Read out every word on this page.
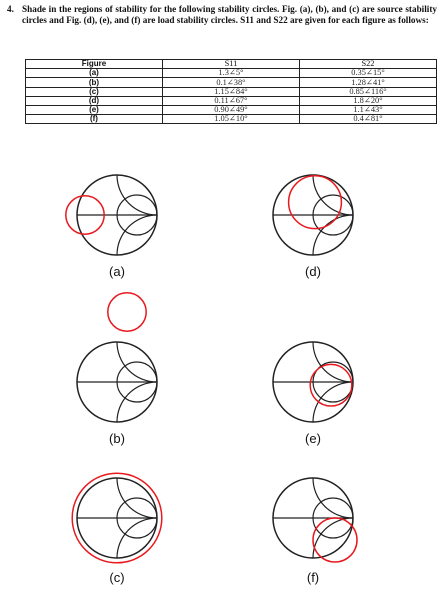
4. Shade in the regions of stability for the following stability circles. Fig. (a), (b), and (c) are source stability circles and Fig. (d), (e), and (f) are load stability circles. S11 and S22 are given for each figure as follows:
Figure	S11	S22
(a)	1.3∠5°	0.35∠15°
(b)	0.1∠38°	1.28∠41°
(c)	1.15∠84°	0.85∠116°
(d)	0.11∠67°	1.8∠20°
(e)	0.90∠49°	1.1∠43°
(f)	1.05∠10°	0.4∠81°
(a)	(d)
(b)	(e)
(c)	(f)
